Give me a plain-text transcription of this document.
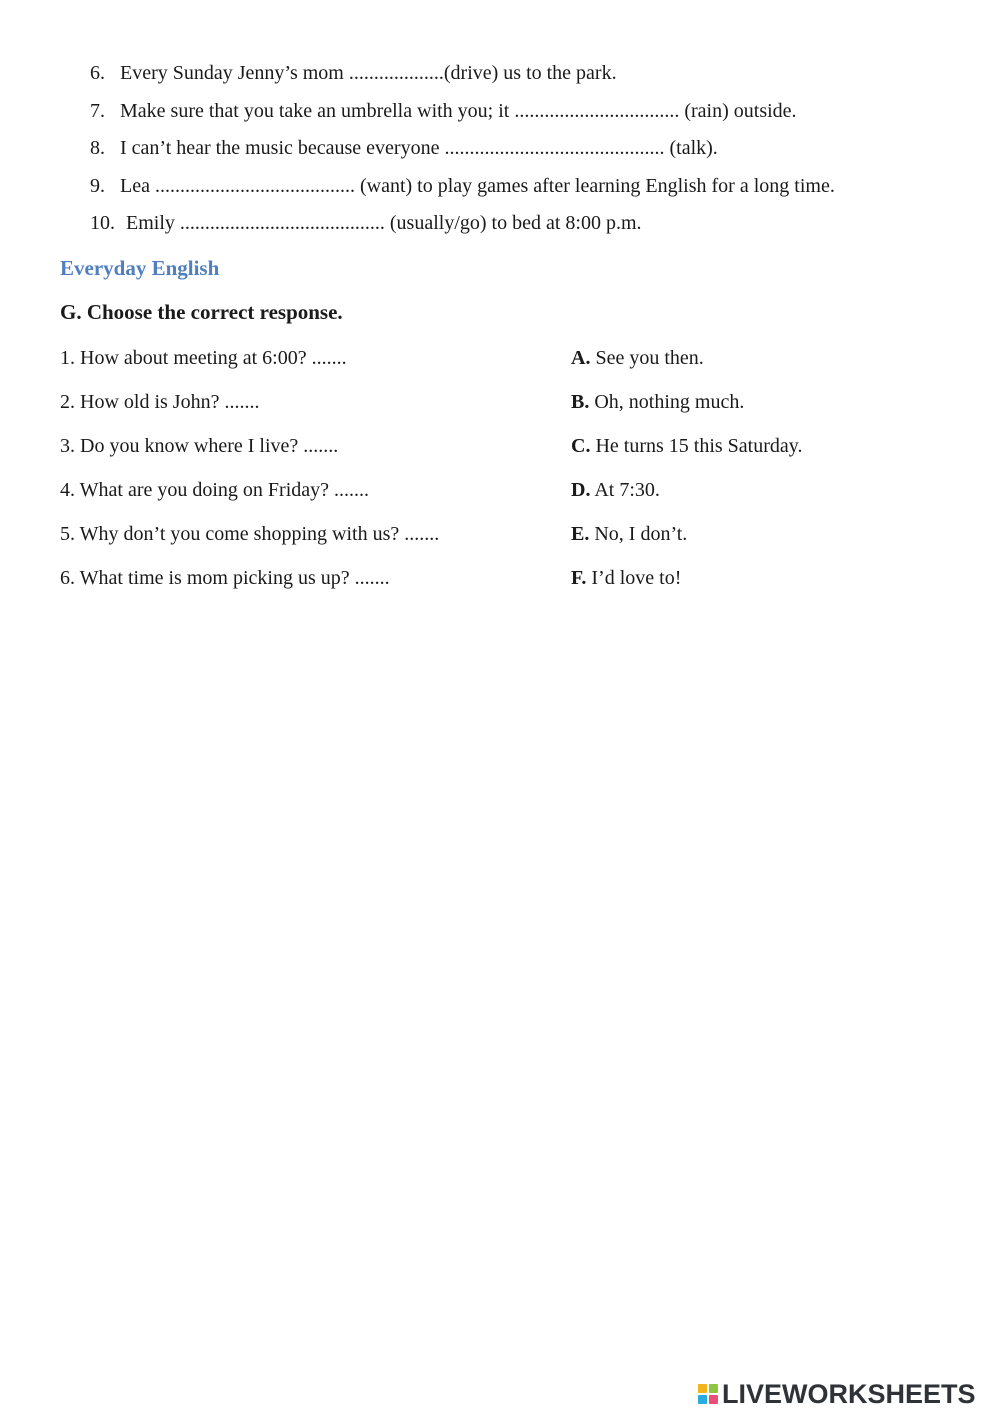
6. Every Sunday Jenny’s mom ...................(drive) us to the park.
7. Make sure that you take an umbrella with you; it ................................. (rain) outside.
8. I can’t hear the music because everyone ............................................ (talk).
9. Lea ........................................ (want) to play games after learning English for a long time.
10. Emily ......................................... (usually/go) to bed at 8:00 p.m.
Everyday English
G. Choose the correct response.
1. How about meeting at 6:00? .......	A. See you then.
2. How old is John? .......	B. Oh, nothing much.
3. Do you know where I live? .......	C. He turns 15 this Saturday.
4. What are you doing on Friday? .......	D. At 7:30.
5. Why don’t you come shopping with us? .......	E. No, I don’t.
6. What time is mom picking us up? .......	F. I’d love to!
LIVEWORKSHEETS
